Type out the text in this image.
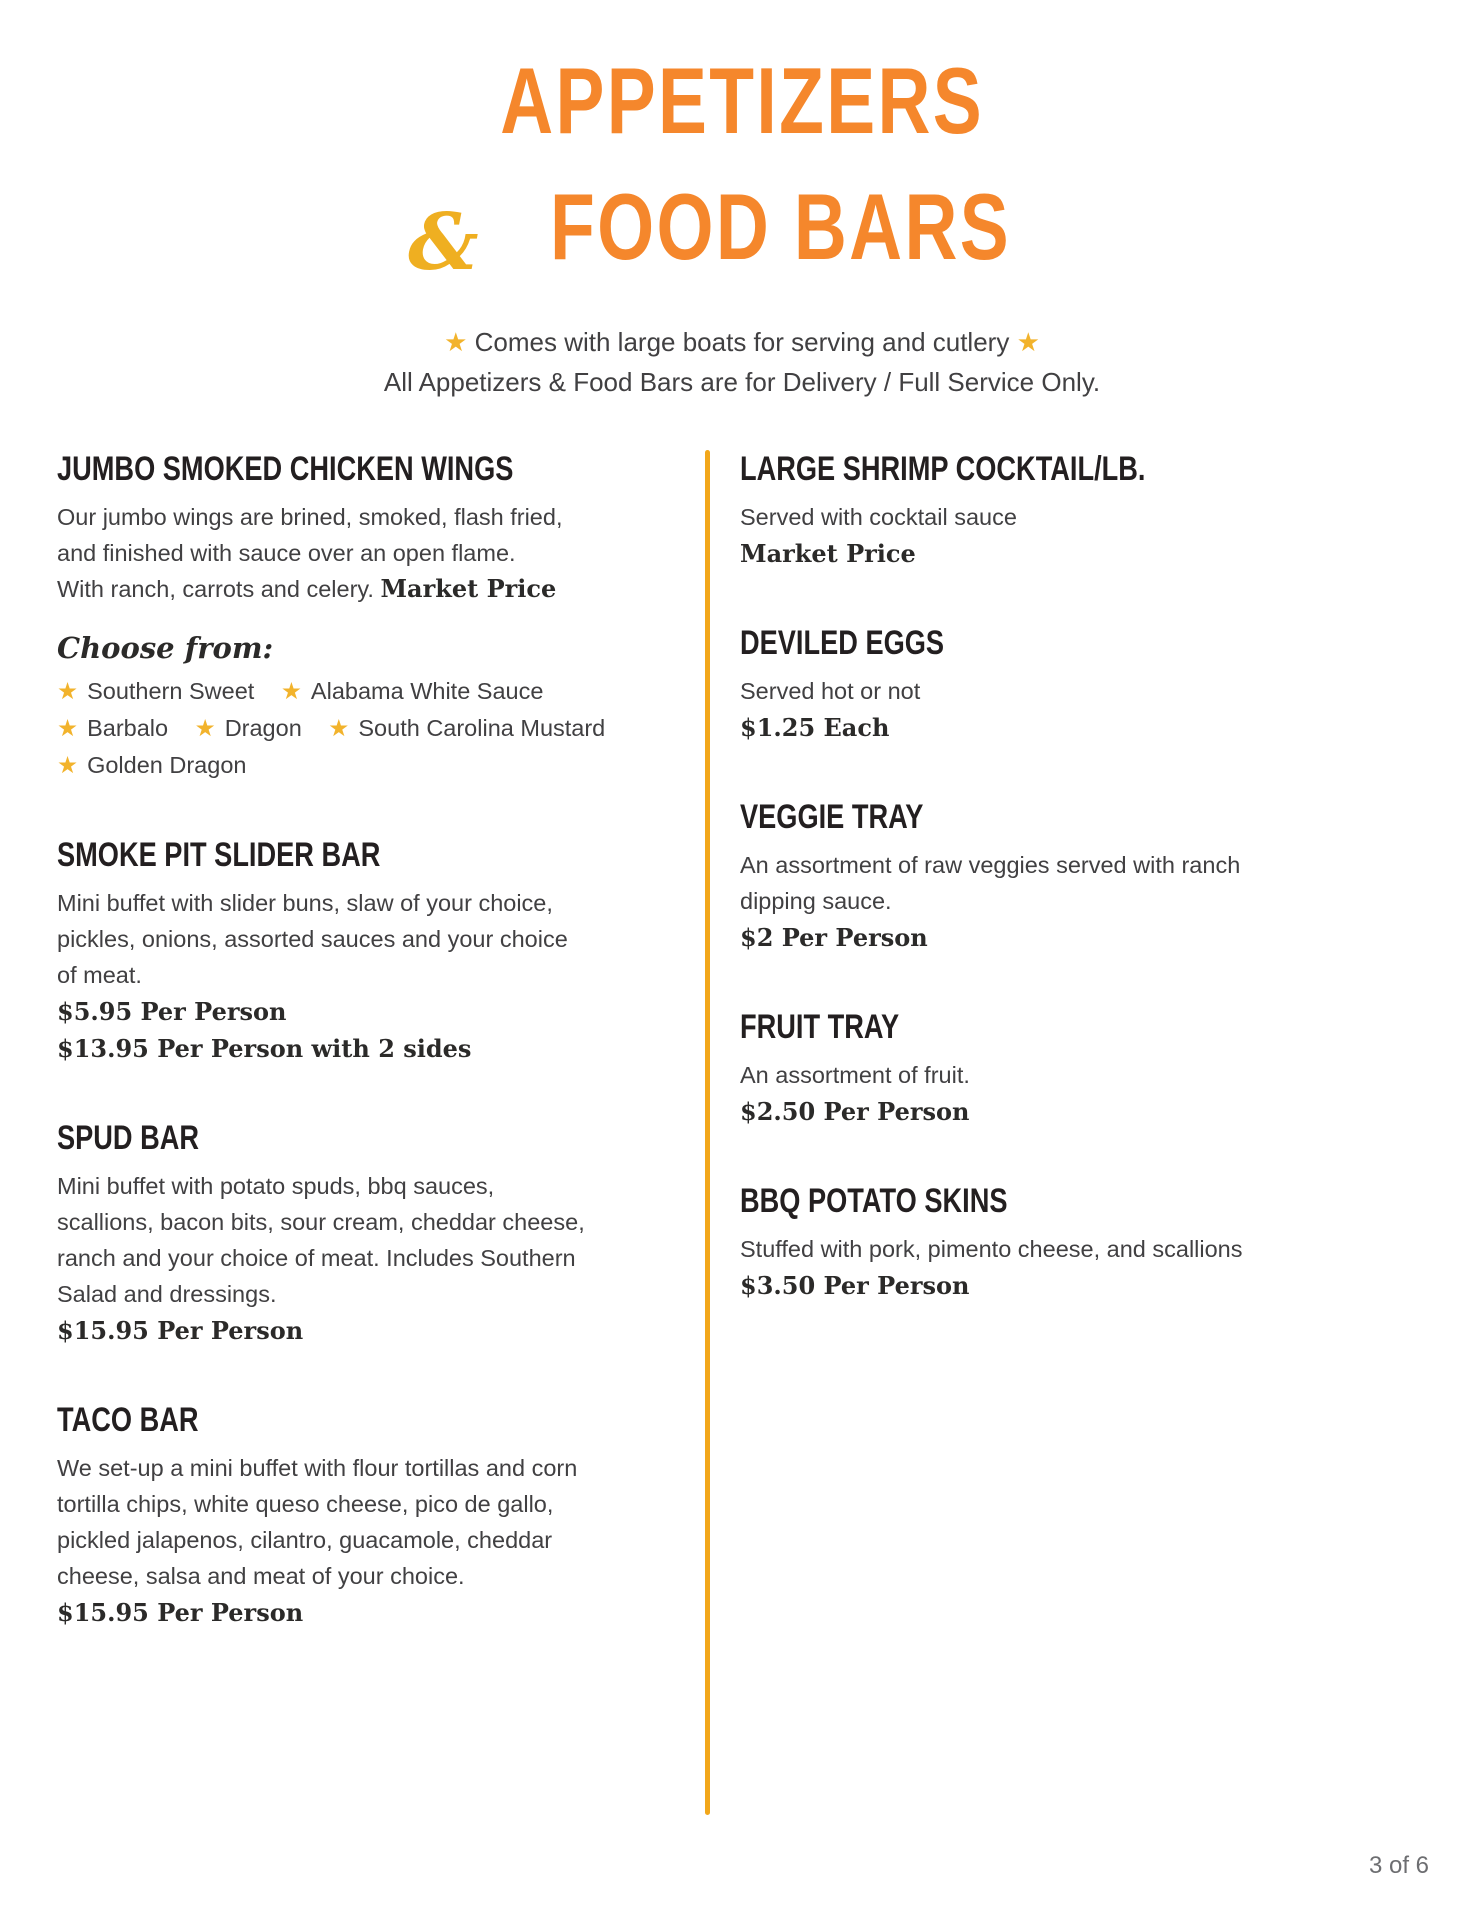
APPETIZERS
& FOOD BARS
★ Comes with large boats for serving and cutlery ★
All Appetizers & Food Bars are for Delivery / Full Service Only.
JUMBO SMOKED CHICKEN WINGS
Our jumbo wings are brined, smoked, flash fried,
and finished with sauce over an open flame.
With ranch, carrots and celery. Market Price
Choose from:
★ Southern Sweet ★ Alabama White Sauce
★ Barbalo ★ Dragon ★ South Carolina Mustard
★ Golden Dragon
SMOKE PIT SLIDER BAR
Mini buffet with slider buns, slaw of your choice,
pickles, onions, assorted sauces and your choice
of meat.
$5.95 Per Person
$13.95 Per Person with 2 sides
SPUD BAR
Mini buffet with potato spuds, bbq sauces,
scallions, bacon bits, sour cream, cheddar cheese,
ranch and your choice of meat. Includes Southern
Salad and dressings.
$15.95 Per Person
TACO BAR
We set-up a mini buffet with flour tortillas and corn
tortilla chips, white queso cheese, pico de gallo,
pickled jalapenos, cilantro, guacamole, cheddar
cheese, salsa and meat of your choice.
$15.95 Per Person
LARGE SHRIMP COCKTAIL/LB.
Served with cocktail sauce
Market Price
DEVILED EGGS
Served hot or not
$1.25 Each
VEGGIE TRAY
An assortment of raw veggies served with ranch
dipping sauce.
$2 Per Person
FRUIT TRAY
An assortment of fruit.
$2.50 Per Person
BBQ POTATO SKINS
Stuffed with pork, pimento cheese, and scallions
$3.50 Per Person
3 of 6
